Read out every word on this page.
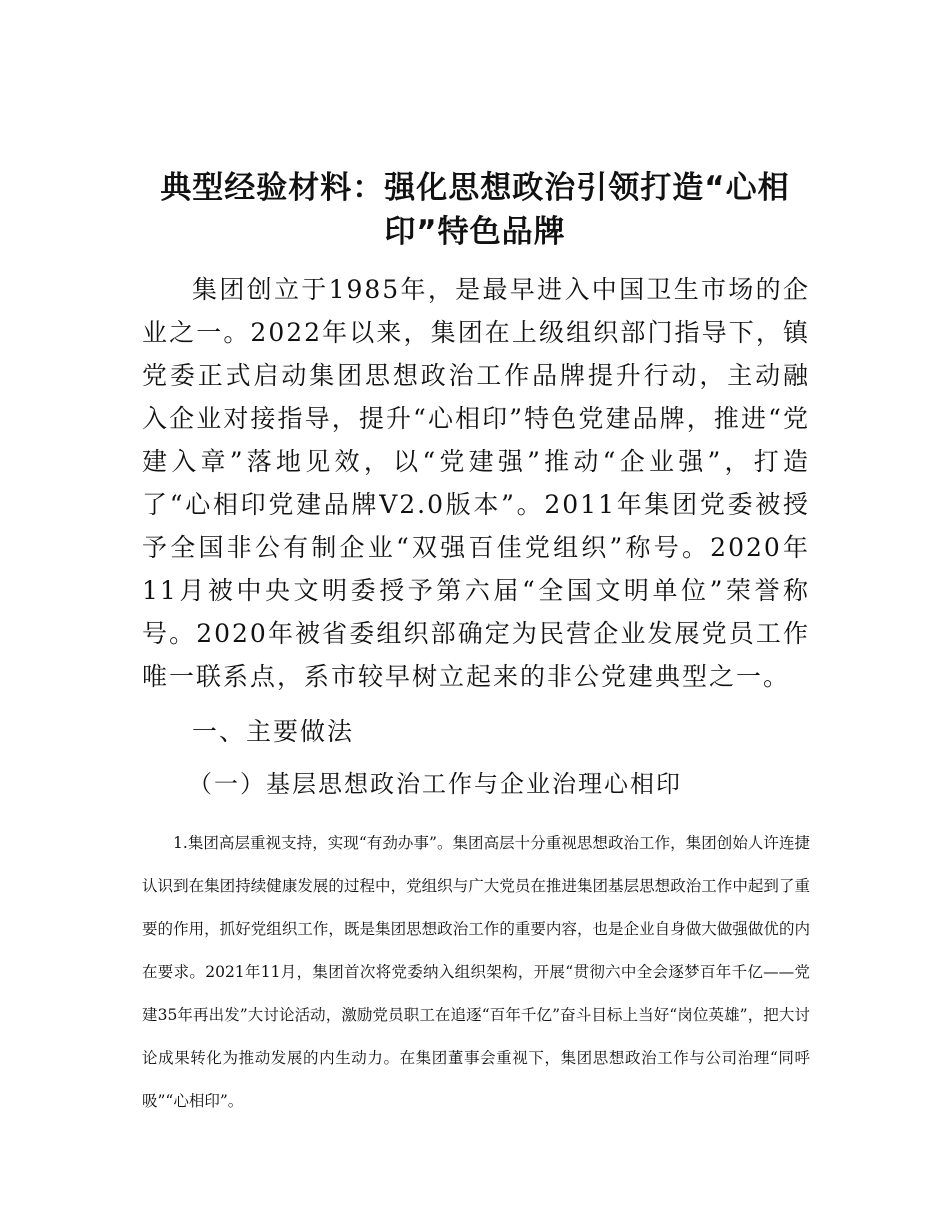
典型经验材料：强化思想政治引领打造“心相印”特色品牌

集团创立于1985年，是最早进入中国卫生市场的企业之一。2022年以来，集团在上级组织部门指导下，镇党委正式启动集团思想政治工作品牌提升行动，主动融入企业对接指导，提升“心相印”特色党建品牌，推进“党建入章”落地见效，以“党建强”推动“企业强”，打造了“心相印党建品牌V2.0版本”。2011年集团党委被授予全国非公有制企业“双强百佳党组织”称号。2020年11月被中央文明委授予第六届“全国文明单位”荣誉称号。2020年被省委组织部确定为民营企业发展党员工作唯一联系点，系市较早树立起来的非公党建典型之一。

一、主要做法

（一）基层思想政治工作与企业治理心相印

1.集团高层重视支持，实现“有劲办事”。集团高层十分重视思想政治工作，集团创始人许连捷认识到在集团持续健康发展的过程中，党组织与广大党员在推进集团基层思想政治工作中起到了重要的作用，抓好党组织工作，既是集团思想政治工作的重要内容，也是企业自身做大做强做优的内在要求。2021年11月，集团首次将党委纳入组织架构，开展“贯彻六中全会逐梦百年千亿——党建35年再出发”大讨论活动，激励党员职工在追逐“百年千亿”奋斗目标上当好“岗位英雄”，把大讨论成果转化为推动发展的内生动力。在集团董事会重视下，集团思想政治工作与公司治理“同呼吸”“心相印”。
